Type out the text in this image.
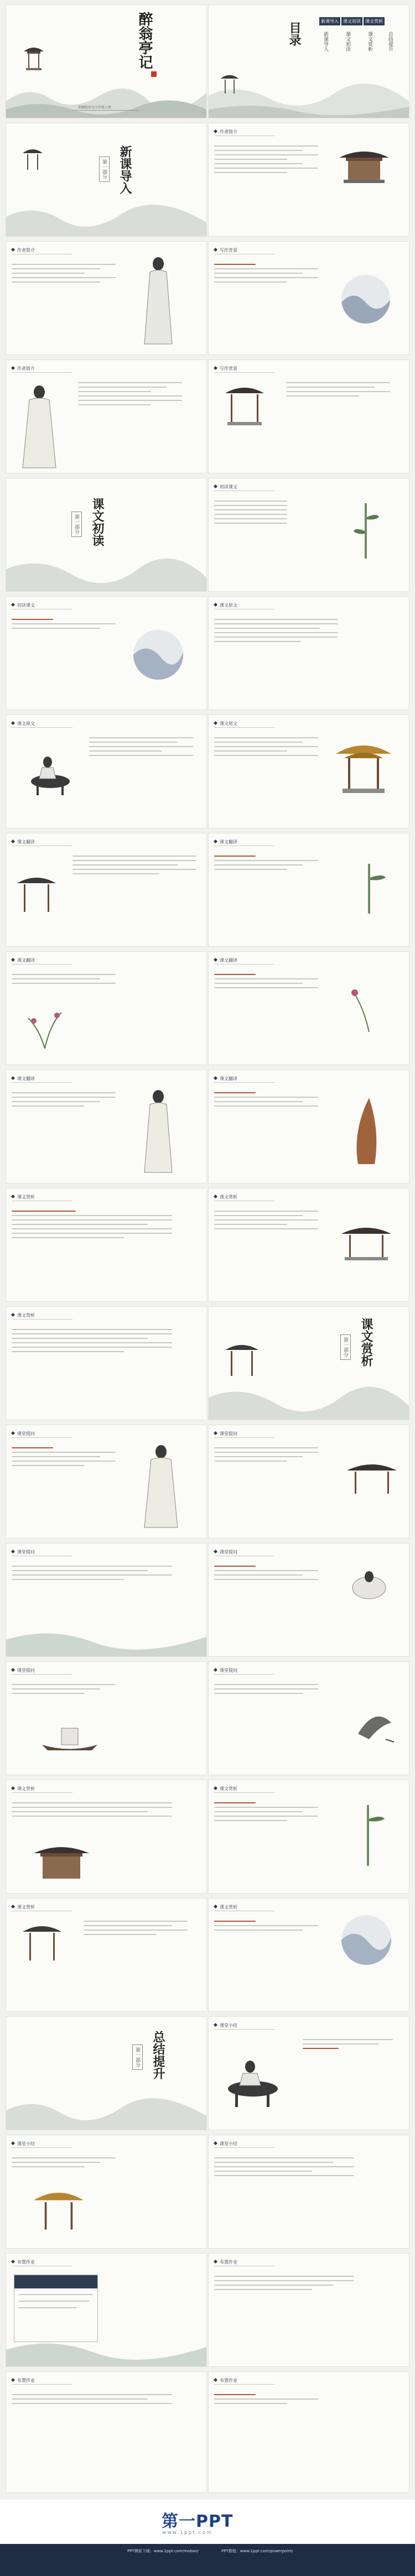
醉翁亭记
部编版语文九年级上册
目录
新课导入	课文初读	课文赏析
新课导入	课文初读	课文赏析	总结提升
新课导入
第一部分
作者简介
作者简介	写作背景
作者简介	写作背景
课文初读
第一部分
初读课文
初读课文	课文原文
课文原文	课文原文
课文翻译	课文翻译
课文翻译	课文翻译
课文翻译	课文翻译
课文赏析	课文赏析
课文赏析
课文赏析
第一部分
课堂提问	课堂提问
课堂提问	课堂提问
课堂提问	课堂提问
课文赏析	课文赏析
课文赏析	课文赏析
总结提升
第一部分
课堂小结
课堂小结	课堂小结
布置作业	布置作业
布置作业	布置作业
第一PPT
www.1ppt.com
PPT模板下载：www.1ppt.com/moban/	PPT教程：www.1ppt.com/powerpoint/
